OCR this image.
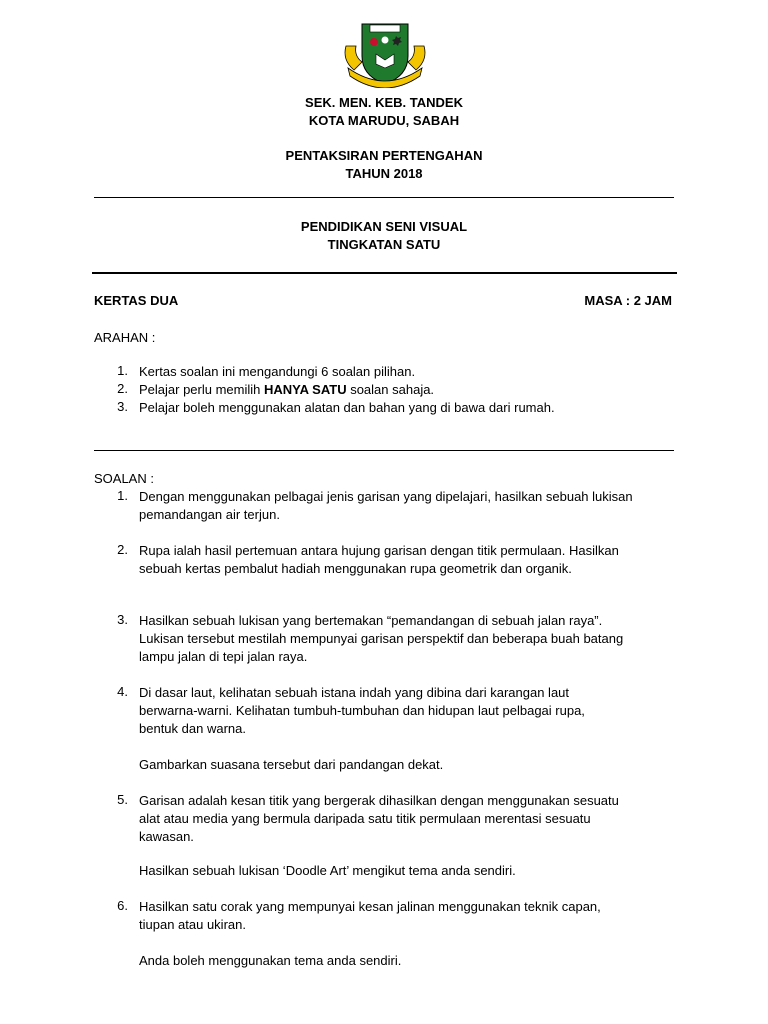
SEK. MEN. KEB. TANDEK
KOTA MARUDU, SABAH
PENTAKSIRAN PERTENGAHAN
TAHUN 2018
PENDIDIKAN SENI VISUAL
TINGKATAN SATU
KERTAS DUA	MASA : 2 JAM
ARAHAN :
1. Kertas soalan ini mengandungi 6 soalan pilihan.
2. Pelajar perlu memilih HANYA SATU soalan sahaja.
3. Pelajar boleh menggunakan alatan dan bahan yang di bawa dari rumah.
SOALAN :
1. Dengan menggunakan pelbagai jenis garisan yang dipelajari, hasilkan sebuah lukisan
pemandangan air terjun.
2. Rupa ialah hasil pertemuan antara hujung garisan dengan titik permulaan. Hasilkan
sebuah kertas pembalut hadiah menggunakan rupa geometrik dan organik.
3. Hasilkan sebuah lukisan yang bertemakan “pemandangan di sebuah jalan raya”.
Lukisan tersebut mestilah mempunyai garisan perspektif dan beberapa buah batang
lampu jalan di tepi jalan raya.
4. Di dasar laut, kelihatan sebuah istana indah yang dibina dari karangan laut
berwarna-warni. Kelihatan tumbuh-tumbuhan dan hidupan laut pelbagai rupa,
bentuk dan warna.
Gambarkan suasana tersebut dari pandangan dekat.
5. Garisan adalah kesan titik yang bergerak dihasilkan dengan menggunakan sesuatu
alat atau media yang bermula daripada satu titik permulaan merentasi sesuatu
kawasan.
Hasilkan sebuah lukisan ‘Doodle Art’ mengikut tema anda sendiri.
6. Hasilkan satu corak yang mempunyai kesan jalinan menggunakan teknik capan,
tiupan atau ukiran.
Anda boleh menggunakan tema anda sendiri.
